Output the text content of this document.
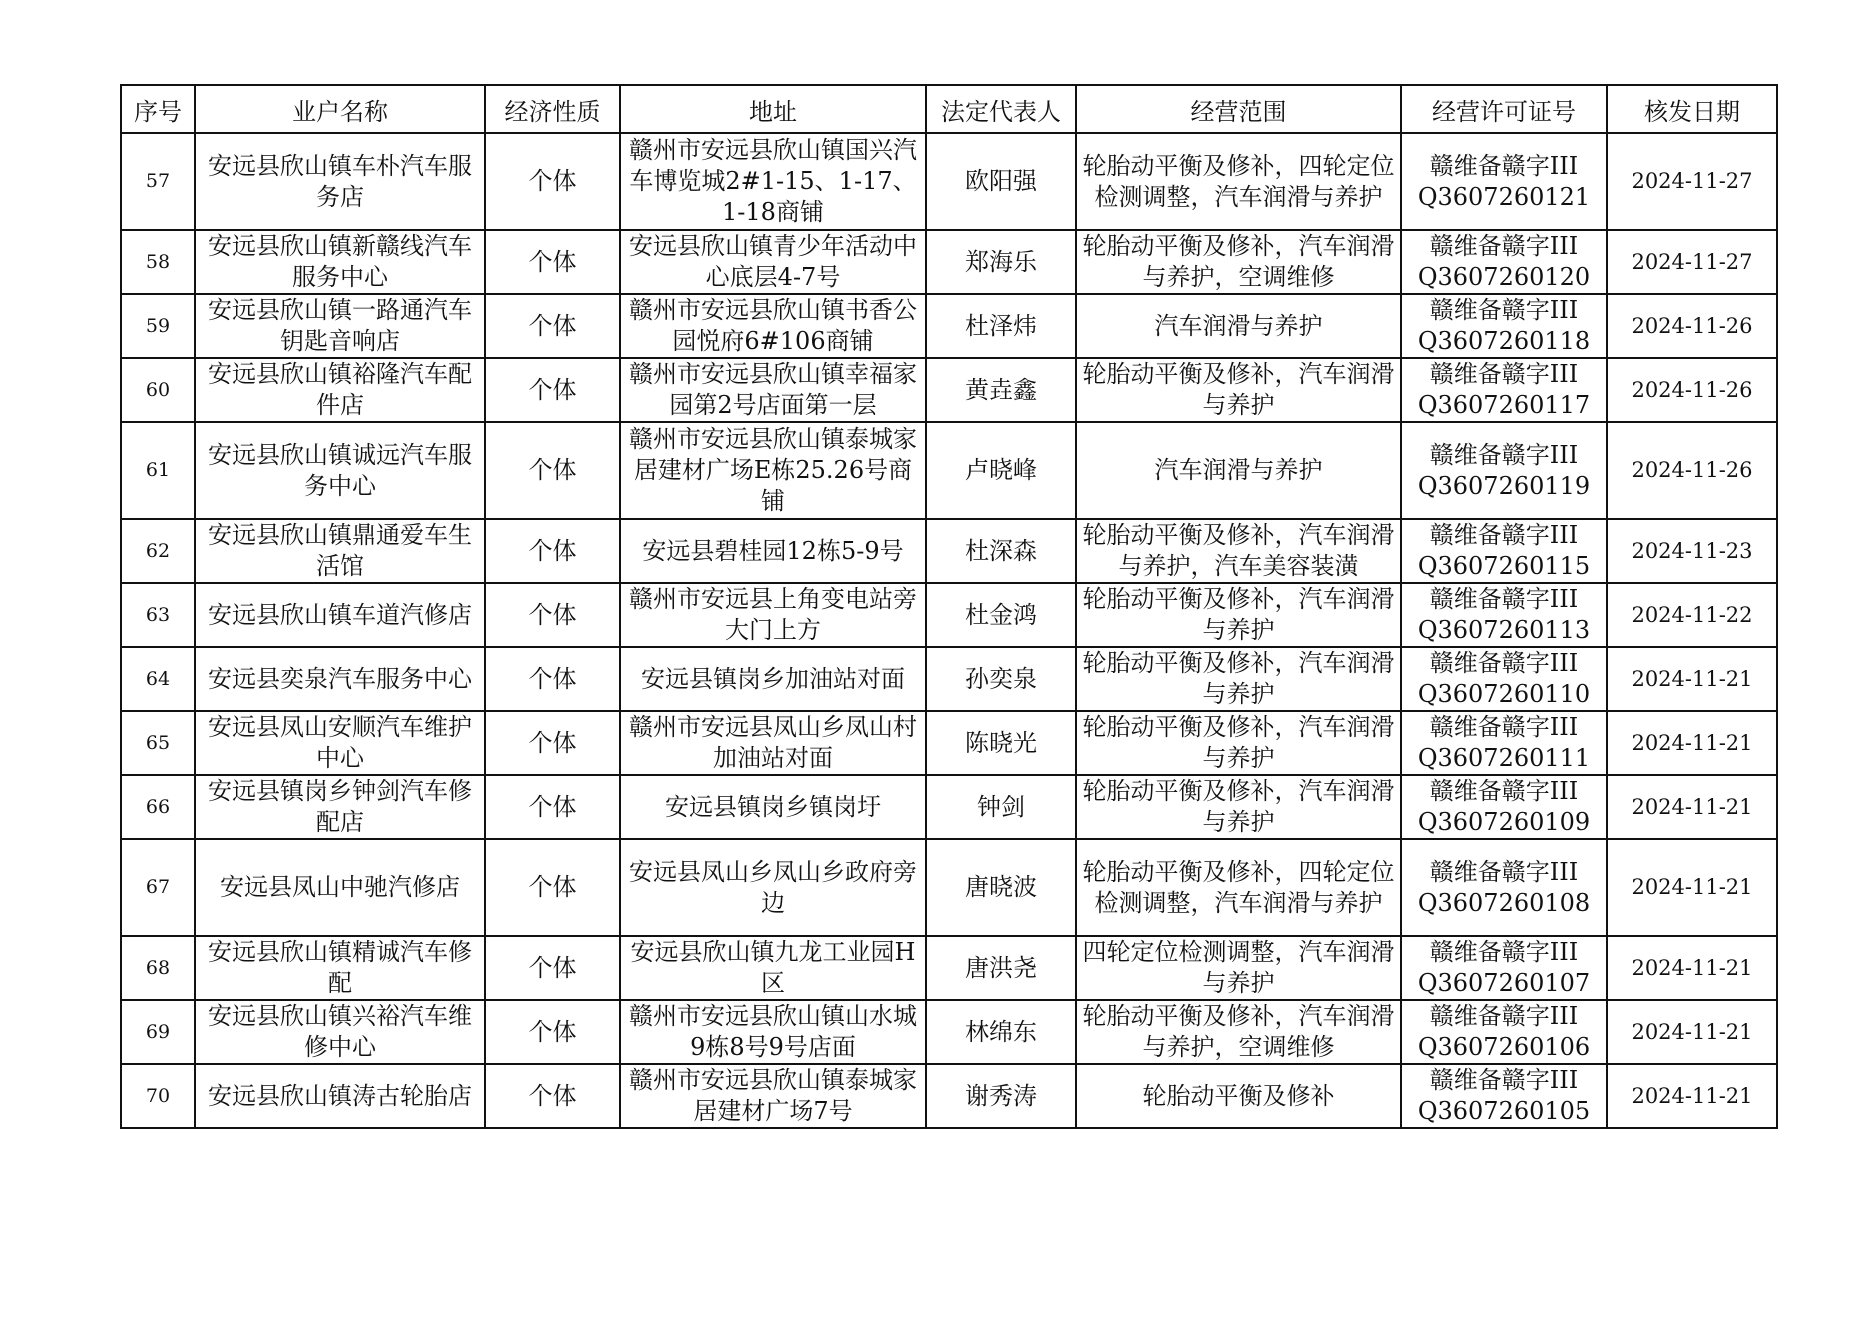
序号	业户名称	经济性质	地址	法定代表人	经营范围	经营许可证号	核发日期
57	安远县欣山镇车朴汽车服务店	个体	赣州市安远县欣山镇国兴汽车博览城2#1-15、1-17、1-18商铺	欧阳强	轮胎动平衡及修补，四轮定位检测调整，汽车润滑与养护	赣维备赣字III Q3607260121	2024-11-27
58	安远县欣山镇新赣线汽车服务中心	个体	安远县欣山镇青少年活动中心底层4-7号	郑海乐	轮胎动平衡及修补，汽车润滑与养护，空调维修	赣维备赣字III Q3607260120	2024-11-27
59	安远县欣山镇一路通汽车钥匙音响店	个体	赣州市安远县欣山镇书香公园悦府6#106商铺	杜泽炜	汽车润滑与养护	赣维备赣字III Q3607260118	2024-11-26
60	安远县欣山镇裕隆汽车配件店	个体	赣州市安远县欣山镇幸福家园第2号店面第一层	黄垚鑫	轮胎动平衡及修补，汽车润滑与养护	赣维备赣字III Q3607260117	2024-11-26
61	安远县欣山镇诚远汽车服务中心	个体	赣州市安远县欣山镇泰城家居建材广场E栋25.26号商铺	卢晓峰	汽车润滑与养护	赣维备赣字III Q3607260119	2024-11-26
62	安远县欣山镇鼎通爱车生活馆	个体	安远县碧桂园12栋5-9号	杜深森	轮胎动平衡及修补，汽车润滑与养护，汽车美容装潢	赣维备赣字III Q3607260115	2024-11-23
63	安远县欣山镇车道汽修店	个体	赣州市安远县上角变电站旁大门上方	杜金鸿	轮胎动平衡及修补，汽车润滑与养护	赣维备赣字III Q3607260113	2024-11-22
64	安远县奕泉汽车服务中心	个体	安远县镇岗乡加油站对面	孙奕泉	轮胎动平衡及修补，汽车润滑与养护	赣维备赣字III Q3607260110	2024-11-21
65	安远县凤山安顺汽车维护中心	个体	赣州市安远县凤山乡凤山村加油站对面	陈晓光	轮胎动平衡及修补，汽车润滑与养护	赣维备赣字III Q3607260111	2024-11-21
66	安远县镇岗乡钟剑汽车修配店	个体	安远县镇岗乡镇岗圩	钟剑	轮胎动平衡及修补，汽车润滑与养护	赣维备赣字III Q3607260109	2024-11-21
67	安远县凤山中驰汽修店	个体	安远县凤山乡凤山乡政府旁边	唐晓波	轮胎动平衡及修补，四轮定位检测调整，汽车润滑与养护	赣维备赣字III Q3607260108	2024-11-21
68	安远县欣山镇精诚汽车修配	个体	安远县欣山镇九龙工业园H区	唐洪尧	四轮定位检测调整，汽车润滑与养护	赣维备赣字III Q3607260107	2024-11-21
69	安远县欣山镇兴裕汽车维修中心	个体	赣州市安远县欣山镇山水城9栋8号9号店面	林绵东	轮胎动平衡及修补，汽车润滑与养护，空调维修	赣维备赣字III Q3607260106	2024-11-21
70	安远县欣山镇涛古轮胎店	个体	赣州市安远县欣山镇泰城家居建材广场7号	谢秀涛	轮胎动平衡及修补	赣维备赣字III Q3607260105	2024-11-21
